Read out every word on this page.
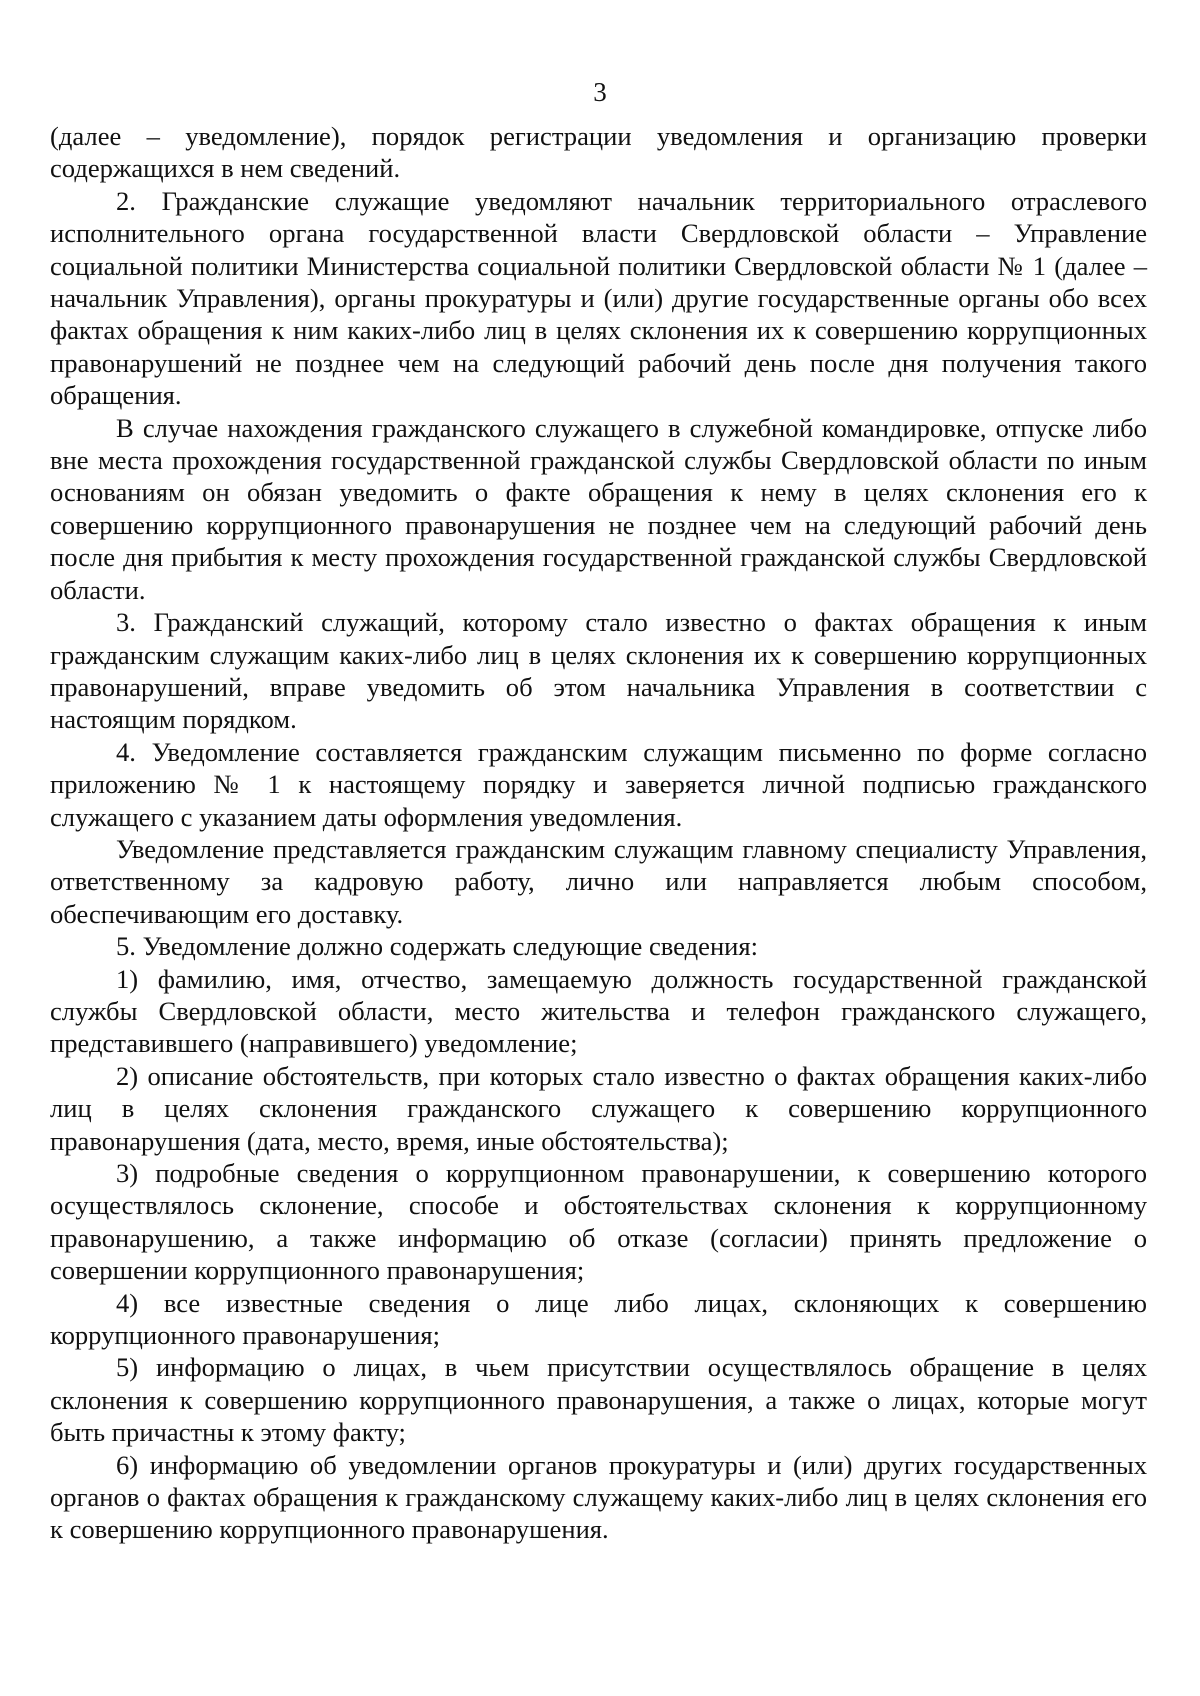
3

(далее – уведомление), порядок регистрации уведомления и организацию проверки содержащихся в нем сведений.

2. Гражданские служащие уведомляют начальник территориального отраслевого исполнительного органа государственной власти Свердловской области – Управление социальной политики Министерства социальной политики Свердловской области № 1 (далее – начальник Управления), органы прокуратуры и (или) другие государственные органы обо всех фактах обращения к ним каких-либо лиц в целях склонения их к совершению коррупционных правонарушений не позднее чем на следующий рабочий день после дня получения такого обращения.

В случае нахождения гражданского служащего в служебной командировке, отпуске либо вне места прохождения государственной гражданской службы Свердловской области по иным основаниям он обязан уведомить о факте обращения к нему в целях склонения его к совершению коррупционного правонарушения не позднее чем на следующий рабочий день после дня прибытия к месту прохождения государственной гражданской службы Свердловской области.

3. Гражданский служащий, которому стало известно о фактах обращения к иным гражданским служащим каких-либо лиц в целях склонения их к совершению коррупционных правонарушений, вправе уведомить об этом начальника Управления в соответствии с настоящим порядком.

4. Уведомление составляется гражданским служащим письменно по форме согласно приложению № 1 к настоящему порядку и заверяется личной подписью гражданского служащего с указанием даты оформления уведомления.

Уведомление представляется гражданским служащим главному специалисту Управления, ответственному за кадровую работу, лично или направляется любым способом, обеспечивающим его доставку.

5. Уведомление должно содержать следующие сведения:

1) фамилию, имя, отчество, замещаемую должность государственной гражданской службы Свердловской области, место жительства и телефон гражданского служащего, представившего (направившего) уведомление;

2) описание обстоятельств, при которых стало известно о фактах обращения каких-либо лиц в целях склонения гражданского служащего к совершению коррупционного правонарушения (дата, место, время, иные обстоятельства);

3) подробные сведения о коррупционном правонарушении, к совершению которого осуществлялось склонение, способе и обстоятельствах склонения к коррупционному правонарушению, а также информацию об отказе (согласии) принять предложение о совершении коррупционного правонарушения;

4) все известные сведения о лице либо лицах, склоняющих к совершению коррупционного правонарушения;

5) информацию о лицах, в чьем присутствии осуществлялось обращение в целях склонения к совершению коррупционного правонарушения, а также о лицах, которые могут быть причастны к этому факту;

6) информацию об уведомлении органов прокуратуры и (или) других государственных органов о фактах обращения к гражданскому служащему каких-либо лиц в целях склонения его к совершению коррупционного правонарушения.
